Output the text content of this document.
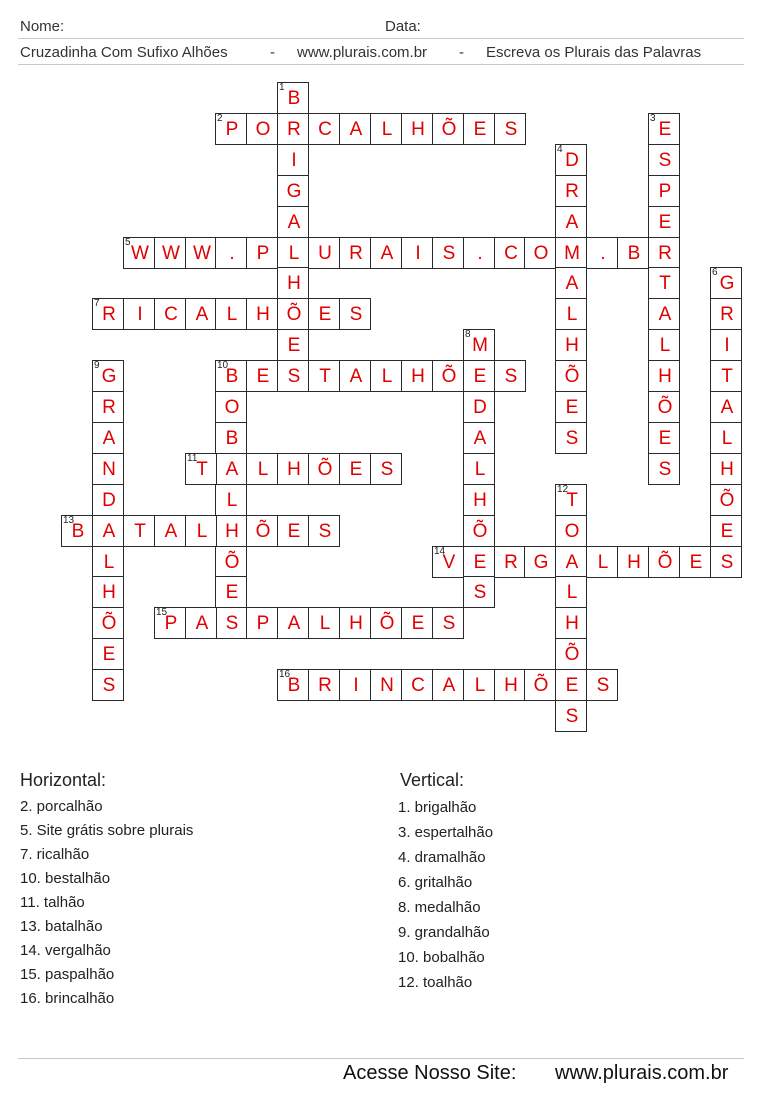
Nome:	Data:
Cruzadinha Com Sufixo Alhões	- www.plurais.com.br - Escreva os Plurais das Palavras
1
B
R
I
G
A
L
H
Õ
E
S
2
P O	C A	L H Õ E S
3
E
S
P
E
R
T
A
L
H
Õ
E
S
4
D
R
A
M
A
L
H
Õ
E
S
5
W W W .	P	U R A	I	S	.	C O	.	B
6
G
R
I
T
A
L
H
Õ
E
S
7
R	I	C A L H	E S
8
M
E
D
A
L
H
Õ
E
S
9
G
R
A
N
D
A
L
H
Õ
E
S
10
B E	T A	L H Õ	S
O
B
A
L
H
Õ
E
S
11
T	L H Õ E S
12
T
O
A
L
H
Õ
E
S
13
B	T A	L	Õ E S
14
V	R G	L H Õ E
15
P A	P A	L H Õ E S
16
B R	I	N C A	L H Õ	S
Horizontal:	Vertical:
2. porcalhão
5. Site grátis sobre plurais
7. ricalhão
10. bestalhão
11. talhão
13. batalhão
14. vergalhão
15. paspalhão
16. brincalhão
1. brigalhão
3. espertalhão
4. dramalhão
6. gritalhão
8. medalhão
9. grandalhão
10. bobalhão
12. toalhão
Acesse Nosso Site: www.plurais.com.br
